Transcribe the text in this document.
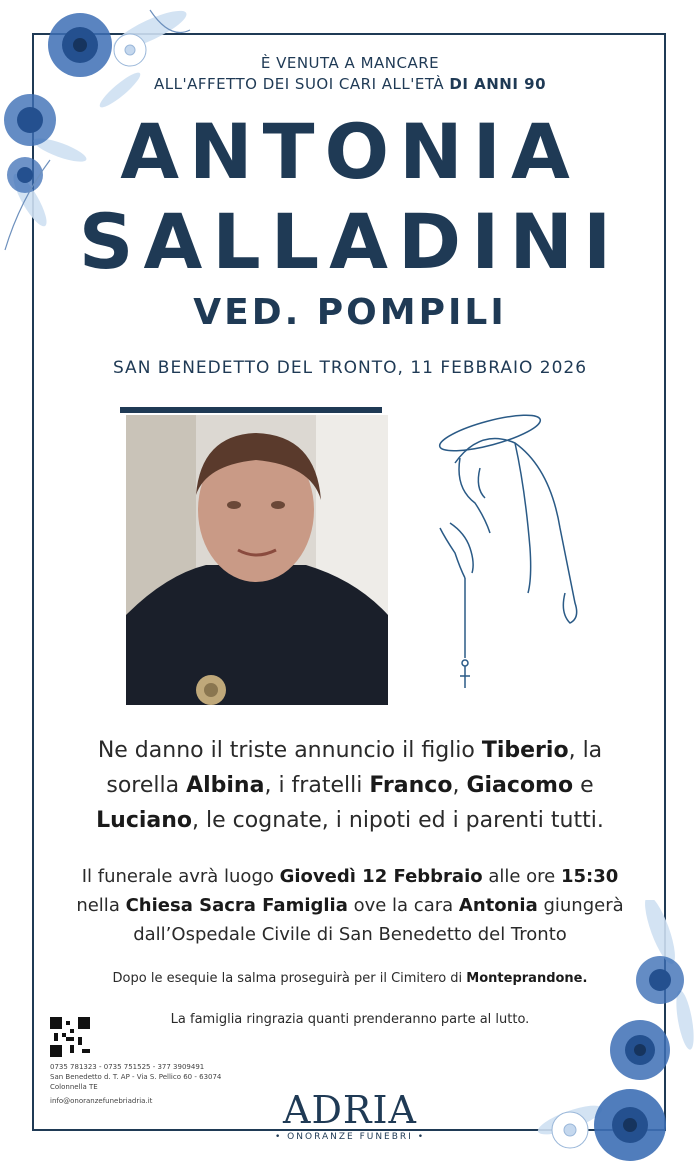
È VENUTA A MANCARE
ALL'AFFETTO DEI SUOI CARI ALL'ETÀ DI ANNI 90
ANTONIA
SALLADINI
VED. POMPILI
SAN BENEDETTO DEL TRONTO, 11 FEBBRAIO 2026
Ne danno il triste annuncio il figlio Tiberio, la
sorella Albina, i fratelli Franco, Giacomo e
Luciano, le cognate, i nipoti ed i parenti tutti.
Il funerale avrà luogo Giovedì 12 Febbraio alle ore 15:30
nella Chiesa Sacra Famiglia ove la cara Antonia giungerà
dall’Ospedale Civile di San Benedetto del Tronto
Dopo le esequie la salma proseguirà per il Cimitero di Monteprandone.
La famiglia ringrazia quanti prenderanno parte al lutto.
0735 781323 - 0735 751525 - 377 3909491
San Benedetto d. T. AP - Via S. Pellico 60 - 63074
Colonnella TE
info@onoranzefunebriadria.it	ADRIA
• ONORANZE FUNEBRI •
